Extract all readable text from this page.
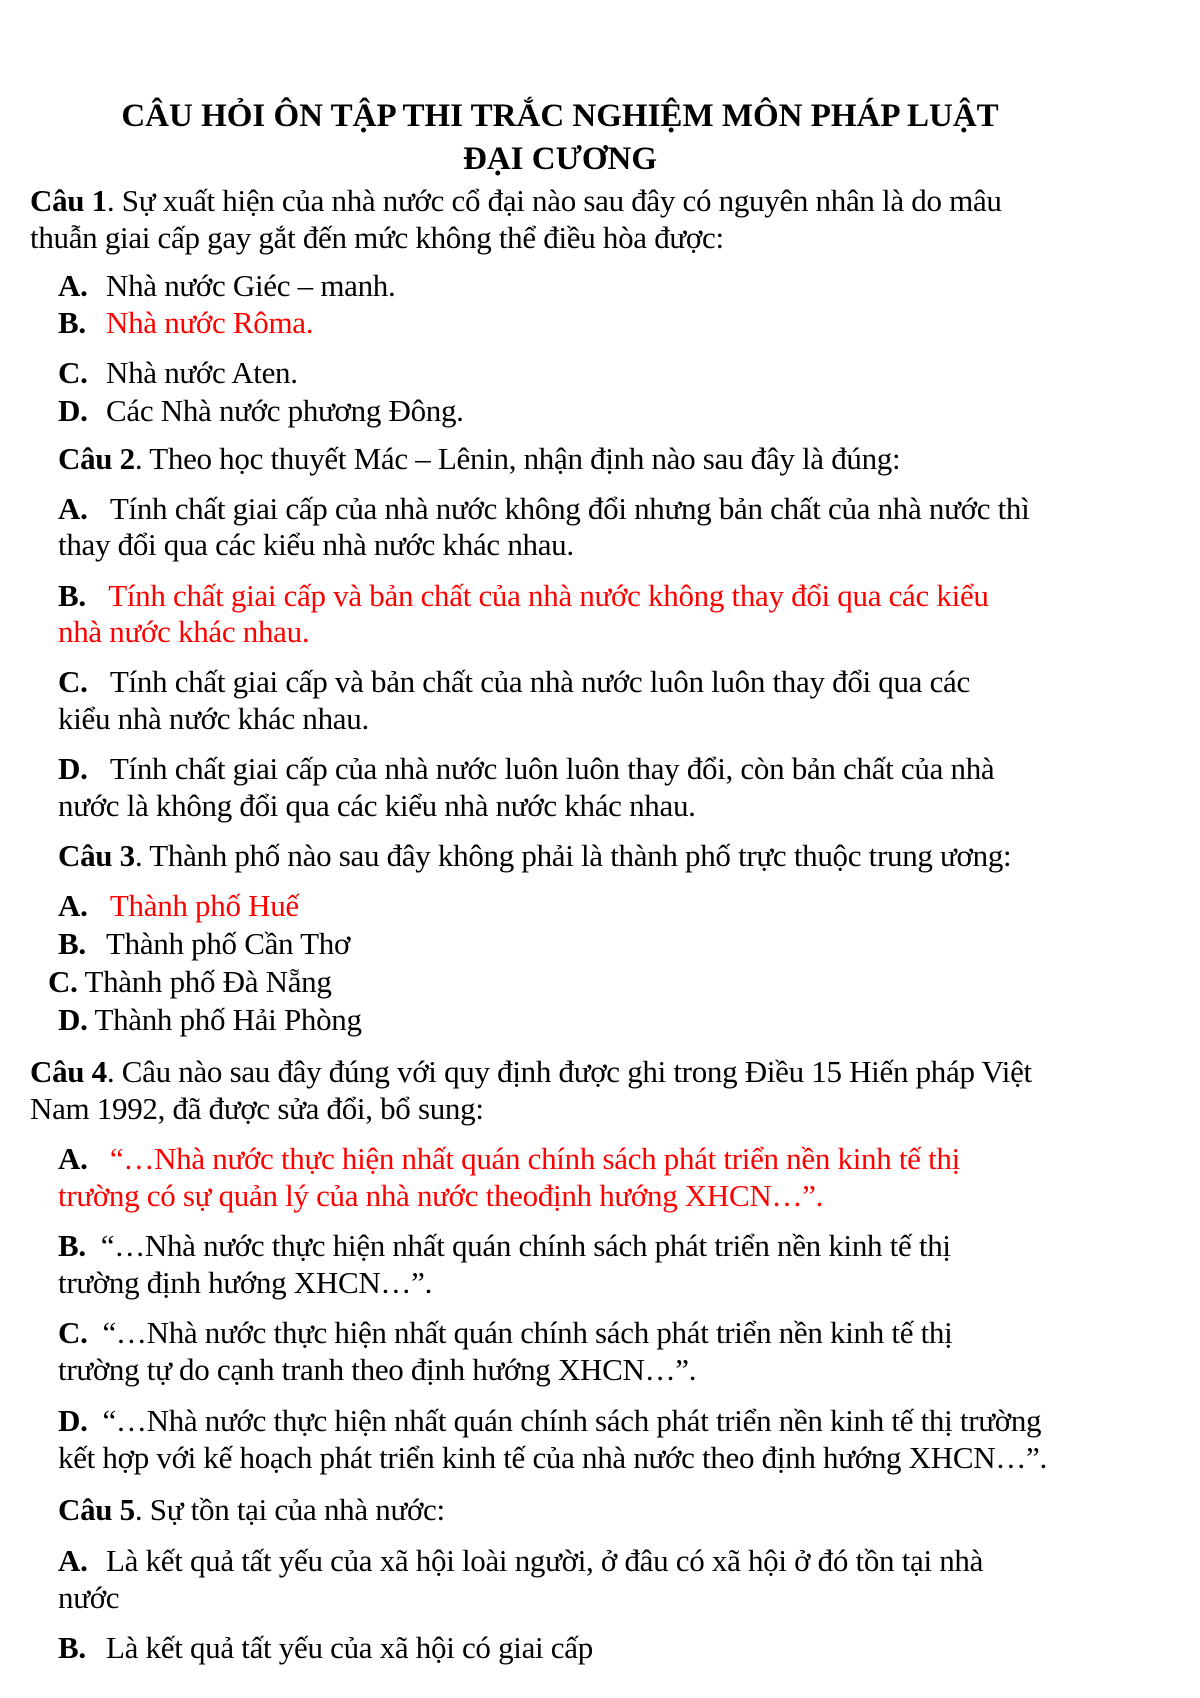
CÂU HỎI ÔN TẬP THI TRẮC NGHIỆM MÔN PHÁP LUẬT
ĐẠI CƯƠNG
Câu 1. Sự xuất hiện của nhà nước cổ đại nào sau đây có nguyên nhân là do mâu
thuẫn giai cấp gay gắt đến mức không thể điều hòa được:
A. Nhà nước Giéc – manh.
B. Nhà nước Rôma.
C. Nhà nước Aten.
D. Các Nhà nước phương Đông.
Câu 2. Theo học thuyết Mác – Lênin, nhận định nào sau đây là đúng:
A. Tính chất giai cấp của nhà nước không đổi nhưng bản chất của nhà nước thì
thay đổi qua các kiểu nhà nước khác nhau.
B. Tính chất giai cấp và bản chất của nhà nước không thay đổi qua các kiểu
nhà nước khác nhau.
C. Tính chất giai cấp và bản chất của nhà nước luôn luôn thay đổi qua các
kiểu nhà nước khác nhau.
D. Tính chất giai cấp của nhà nước luôn luôn thay đổi, còn bản chất của nhà
nước là không đổi qua các kiểu nhà nước khác nhau.
Câu 3. Thành phố nào sau đây không phải là thành phố trực thuộc trung ương:
A. Thành phố Huế
B. Thành phố Cần Thơ
C. Thành phố Đà Nẵng
D. Thành phố Hải Phòng
Câu 4. Câu nào sau đây đúng với quy định được ghi trong Điều 15 Hiến pháp Việt
Nam 1992, đã được sửa đổi, bổ sung:
A. “…Nhà nước thực hiện nhất quán chính sách phát triển nền kinh tế thị
trường có sự quản lý của nhà nước theođịnh hướng XHCN…”.
B. “…Nhà nước thực hiện nhất quán chính sách phát triển nền kinh tế thị
trường định hướng XHCN…”.
C. “…Nhà nước thực hiện nhất quán chính sách phát triển nền kinh tế thị
trường tự do cạnh tranh theo định hướng XHCN…”.
D. “…Nhà nước thực hiện nhất quán chính sách phát triển nền kinh tế thị trường
kết hợp với kế hoạch phát triển kinh tế của nhà nước theo định hướng XHCN…”.
Câu 5. Sự tồn tại của nhà nước:
A. Là kết quả tất yếu của xã hội loài người, ở đâu có xã hội ở đó tồn tại nhà
nước
B. Là kết quả tất yếu của xã hội có giai cấp
